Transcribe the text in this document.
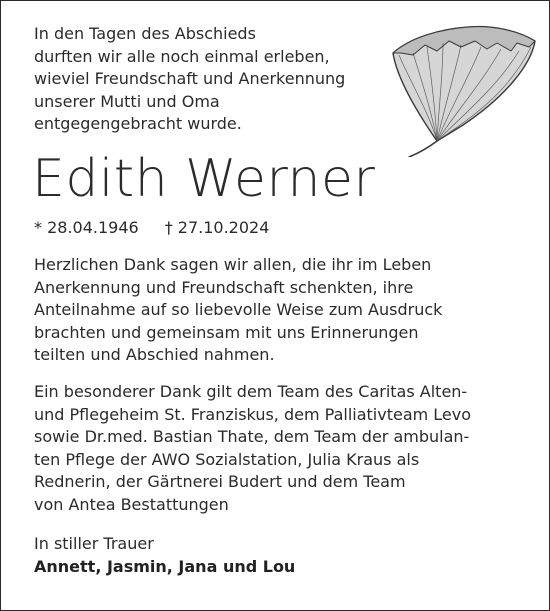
In den Tagen des Abschieds
durften wir alle noch einmal erleben,
wieviel Freundschaft und Anerkennung
unserer Mutti und Oma
entgegengebracht wurde.
Edith Werner
* 28.04.1946 † 27.10.2024
Herzlichen Dank sagen wir allen, die ihr im Leben
Anerkennung und Freundschaft schenkten, ihre
Anteilnahme auf so liebevolle Weise zum Ausdruck
brachten und gemeinsam mit uns Erinnerungen
teilten und Abschied nahmen.
Ein besonderer Dank gilt dem Team des Caritas Alten-
und Pflegeheim St. Franziskus, dem Palliativteam Levo
sowie Dr.med. Bastian Thate, dem Team der ambulan-
ten Pflege der AWO Sozialstation, Julia Kraus als
Rednerin, der Gärtnerei Budert und dem Team
von Antea Bestattungen
In stiller Trauer
Annett, Jasmin, Jana und Lou
